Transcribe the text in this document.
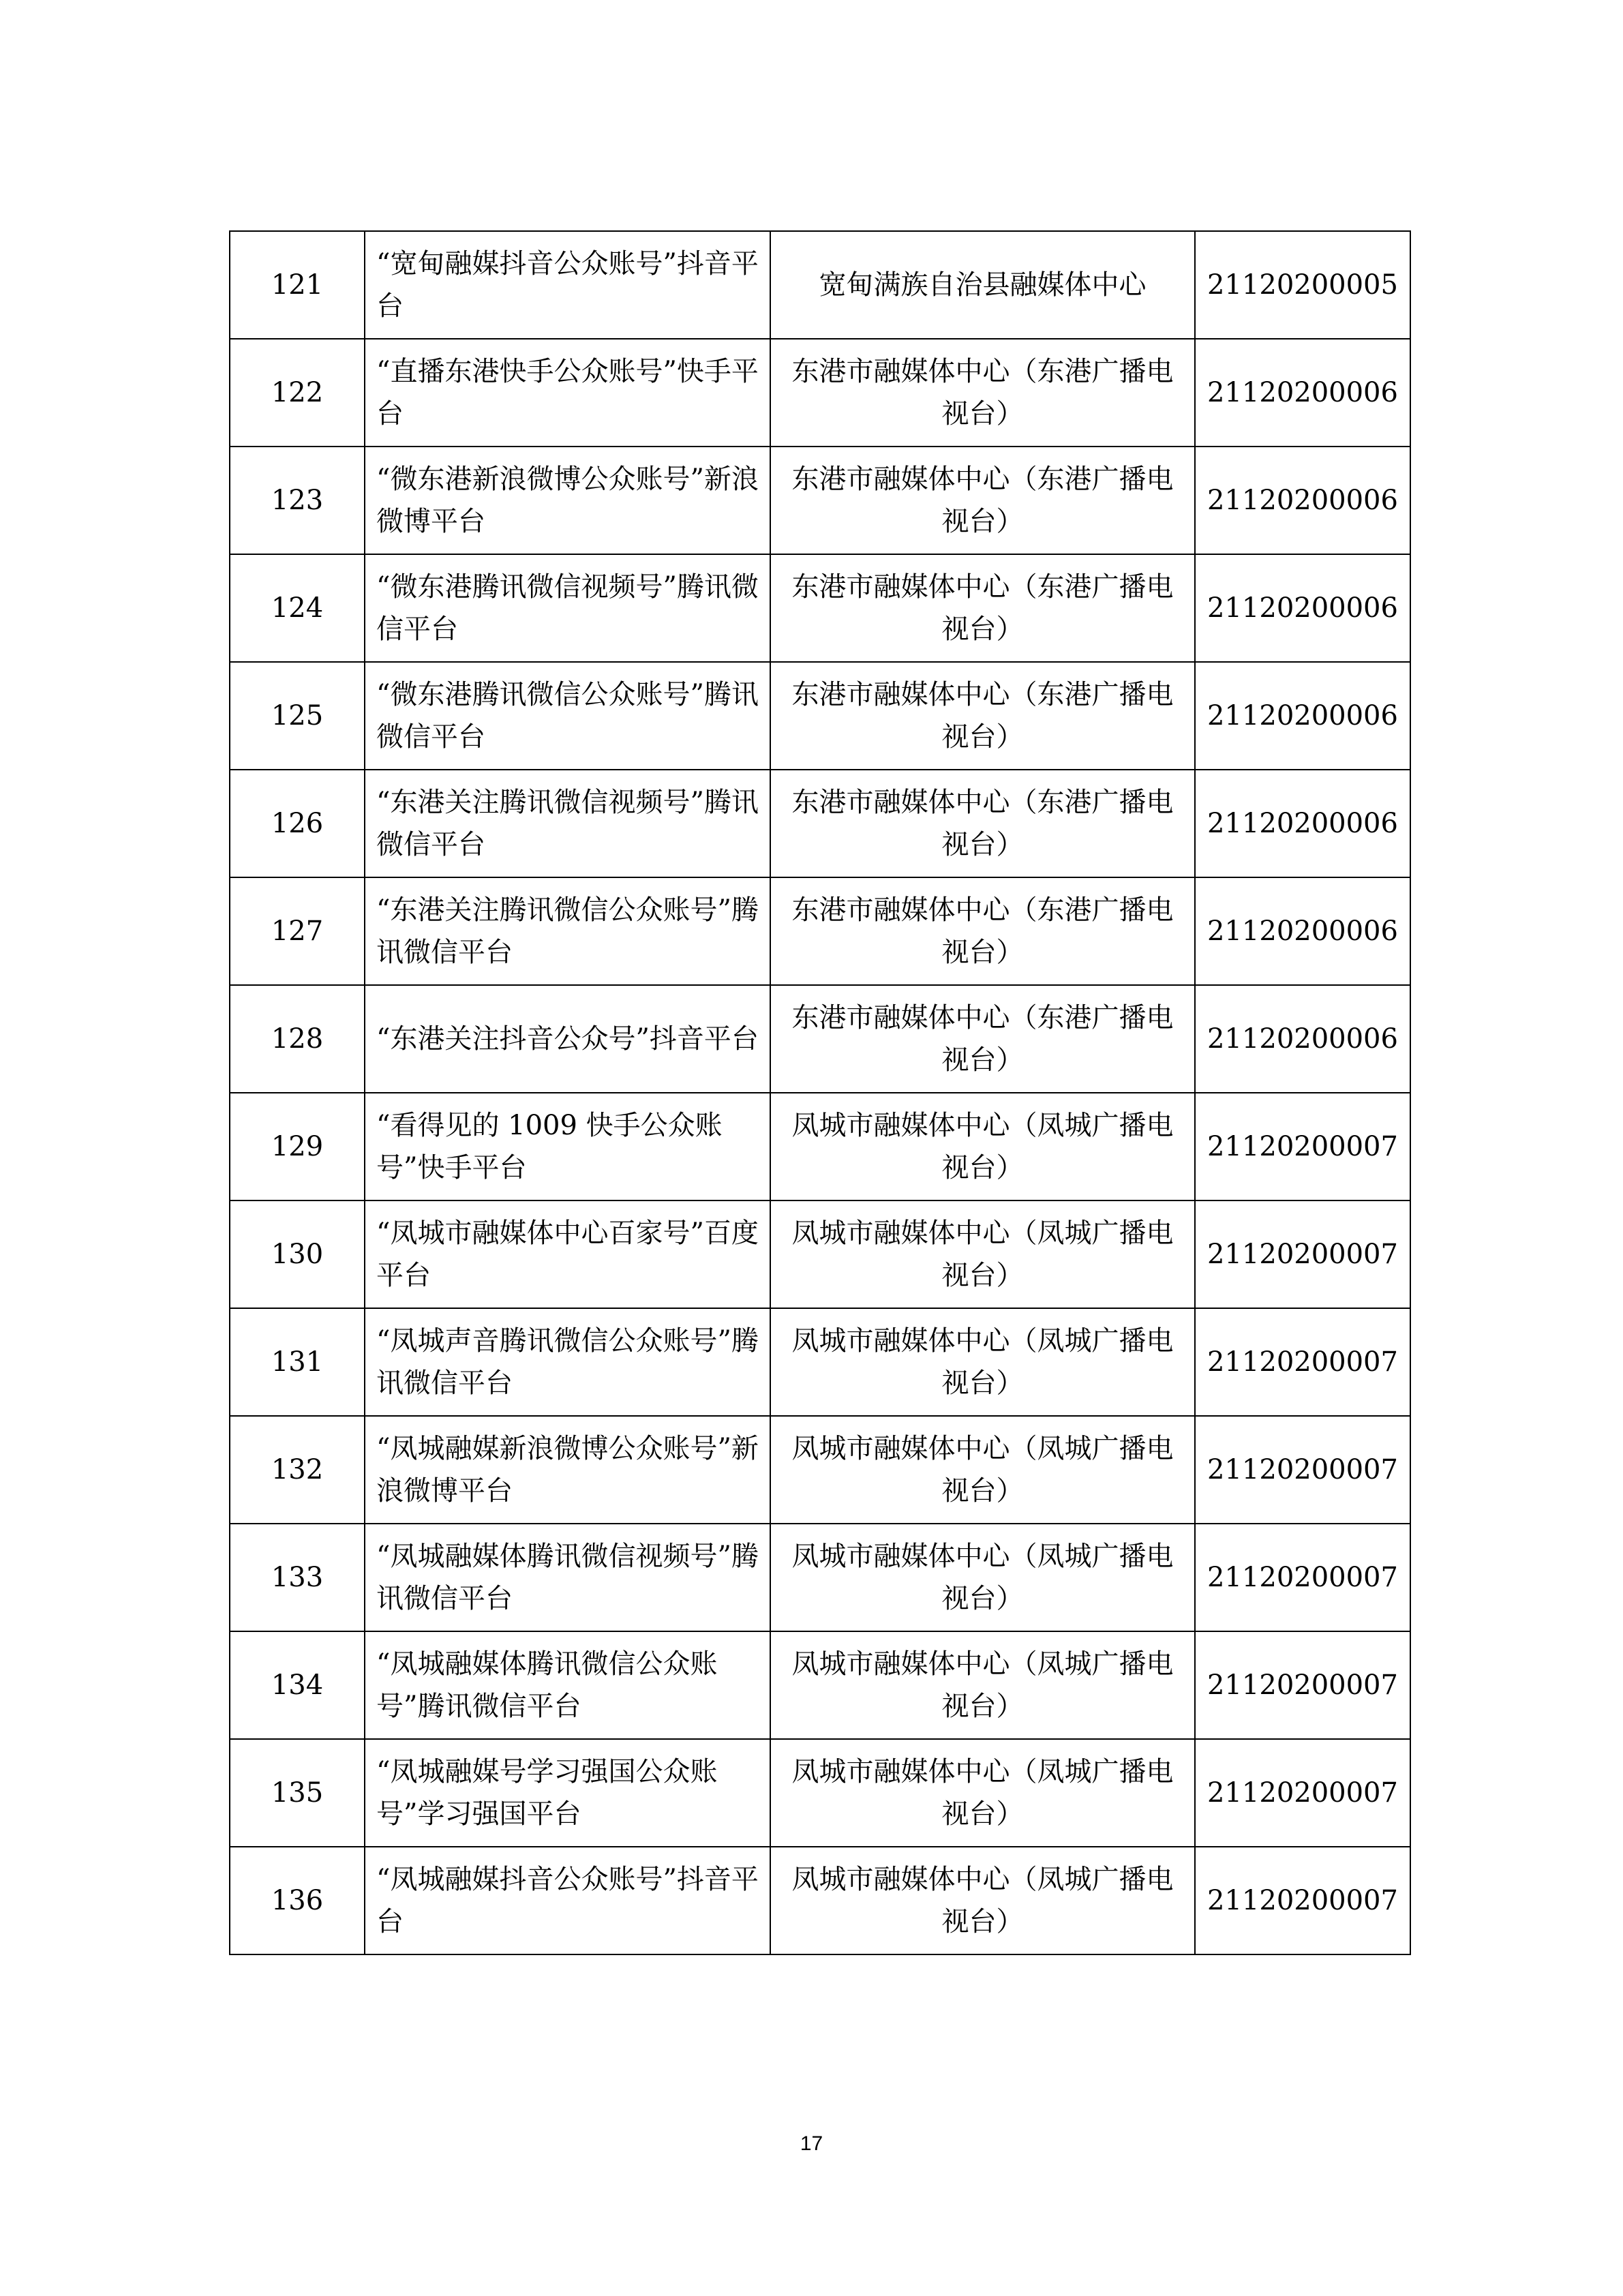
121	“宽甸融媒抖音公众账号”抖音平台	宽甸满族自治县融媒体中心	21120200005
122	“直播东港快手公众账号”快手平台	东港市融媒体中心（东港广播电视台）	21120200006
123	“微东港新浪微博公众账号”新浪微博平台	东港市融媒体中心（东港广播电视台）	21120200006
124	“微东港腾讯微信视频号”腾讯微信平台	东港市融媒体中心（东港广播电视台）	21120200006
125	“微东港腾讯微信公众账号”腾讯微信平台	东港市融媒体中心（东港广播电视台）	21120200006
126	“东港关注腾讯微信视频号”腾讯微信平台	东港市融媒体中心（东港广播电视台）	21120200006
127	“东港关注腾讯微信公众账号”腾讯微信平台	东港市融媒体中心（东港广播电视台）	21120200006
128	“东港关注抖音公众号”抖音平台	东港市融媒体中心（东港广播电视台）	21120200006
129	“看得见的 1009 快手公众账号”快手平台	凤城市融媒体中心（凤城广播电视台）	21120200007
130	“凤城市融媒体中心百家号”百度平台	凤城市融媒体中心（凤城广播电视台）	21120200007
131	“凤城声音腾讯微信公众账号”腾讯微信平台	凤城市融媒体中心（凤城广播电视台）	21120200007
132	“凤城融媒新浪微博公众账号”新浪微博平台	凤城市融媒体中心（凤城广播电视台）	21120200007
133	“凤城融媒体腾讯微信视频号”腾讯微信平台	凤城市融媒体中心（凤城广播电视台）	21120200007
134	“凤城融媒体腾讯微信公众账号”腾讯微信平台	凤城市融媒体中心（凤城广播电视台）	21120200007
135	“凤城融媒号学习强国公众账号”学习强国平台	凤城市融媒体中心（凤城广播电视台）	21120200007
136	“凤城融媒抖音公众账号”抖音平台	凤城市融媒体中心（凤城广播电视台）	21120200007
17
